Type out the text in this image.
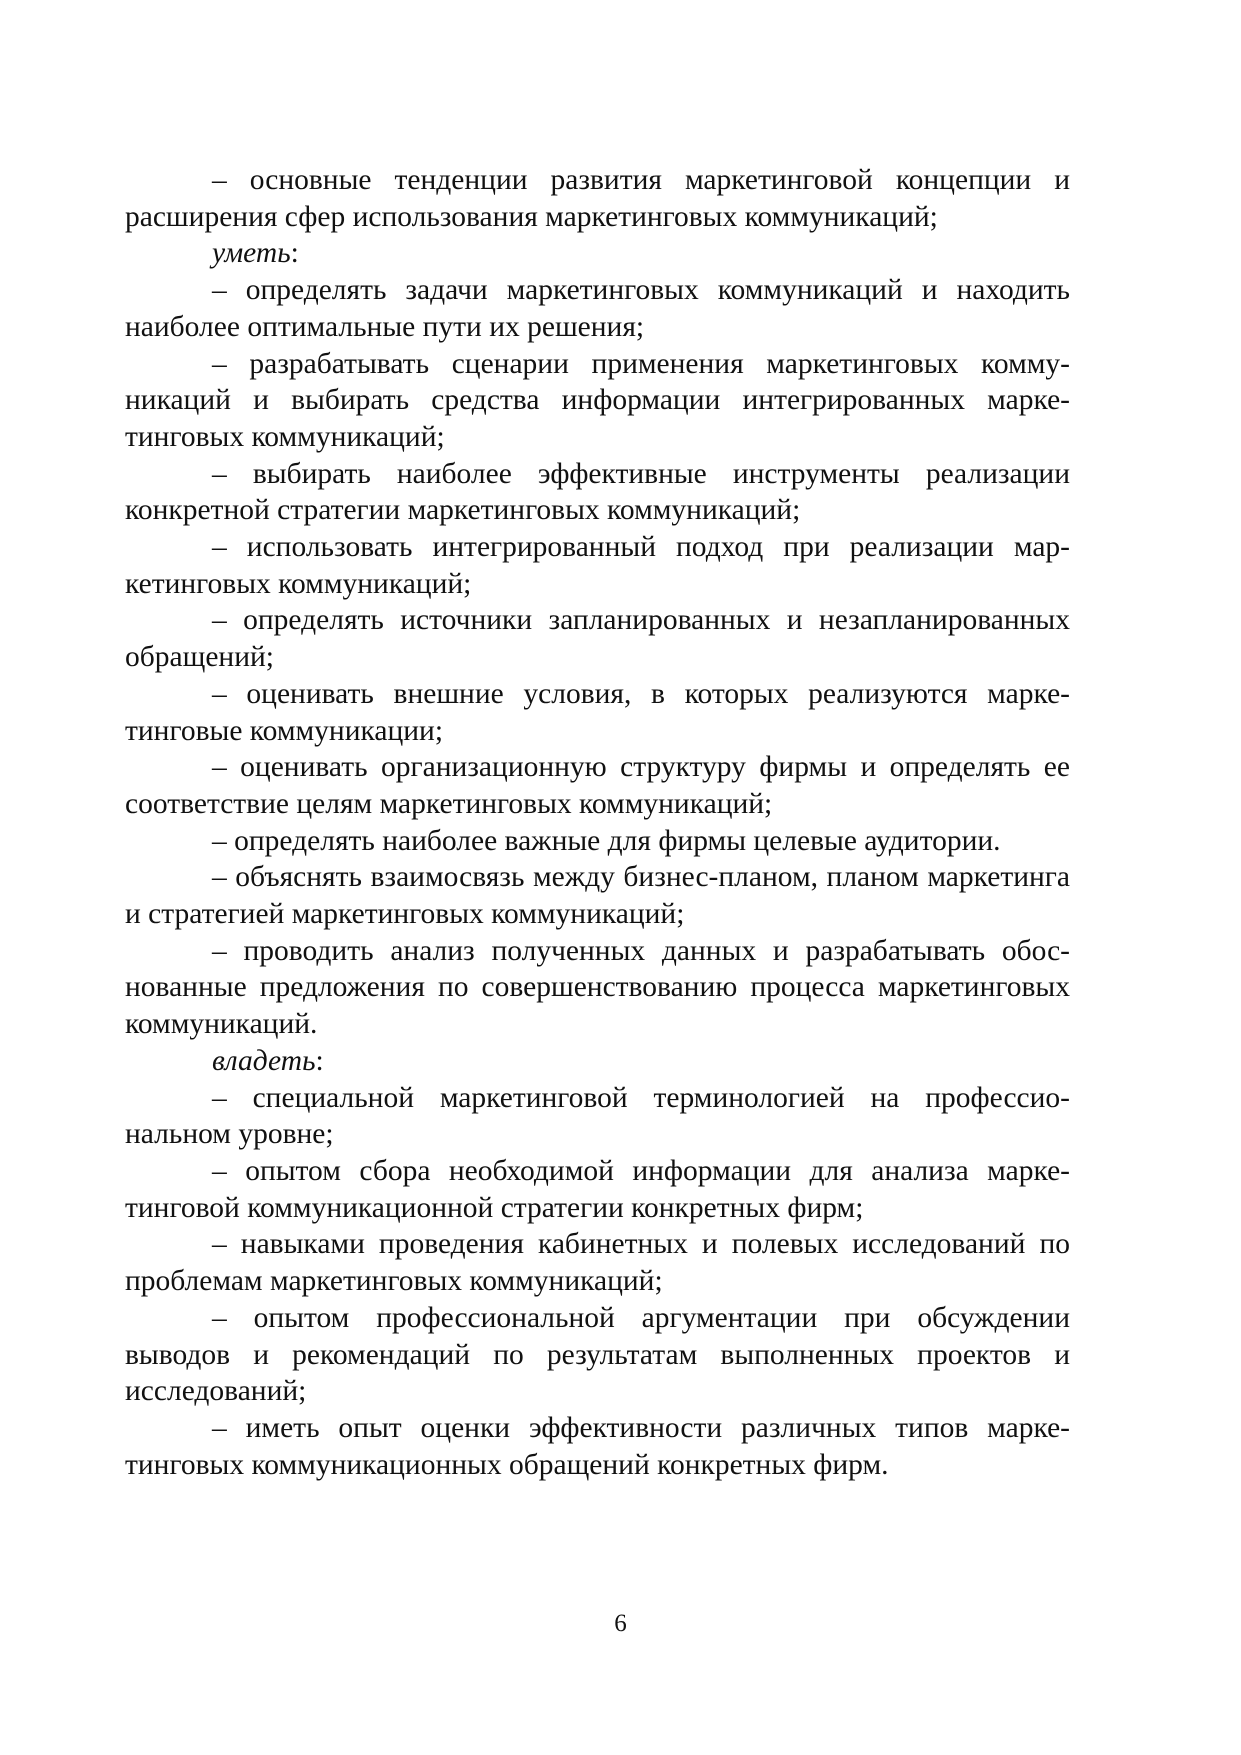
– основные тенденции развития маркетинговой концепции и расширения сфер использования маркетинговых коммуникаций;

уметь:

– определять задачи маркетинговых коммуникаций и находить наиболее оптимальные пути их решения;

– разрабатывать сценарии применения маркетинговых коммуникаций и выбирать средства информации интегрированных маркетинговых коммуникаций;

– выбирать наиболее эффективные инструменты реализации конкретной стратегии маркетинговых коммуникаций;

– использовать интегрированный подход при реализации маркетинговых коммуникаций;

– определять источники запланированных и незапланированных обращений;

– оценивать внешние условия, в которых реализуются маркетинговые коммуникации;

– оценивать организационную структуру фирмы и определять ее соответствие целям маркетинговых коммуникаций;

– определять наиболее важные для фирмы целевые аудитории.

– объяснять взаимосвязь между бизнес-планом, планом маркетинга и стратегией маркетинговых коммуникаций;

– проводить анализ полученных данных и разрабатывать обоснованные предложения по совершенствованию процесса маркетинговых коммуникаций.

владеть:

– специальной маркетинговой терминологией на профессиональном уровне;

– опытом сбора необходимой информации для анализа маркетинговой коммуникационной стратегии конкретных фирм;

– навыками проведения кабинетных и полевых исследований по проблемам маркетинговых коммуникаций;

– опытом профессиональной аргументации при обсуждении выводов и рекомендаций по результатам выполненных проектов и исследований;

– иметь опыт оценки эффективности различных типов маркетинговых коммуникационных обращений конкретных фирм.

6
